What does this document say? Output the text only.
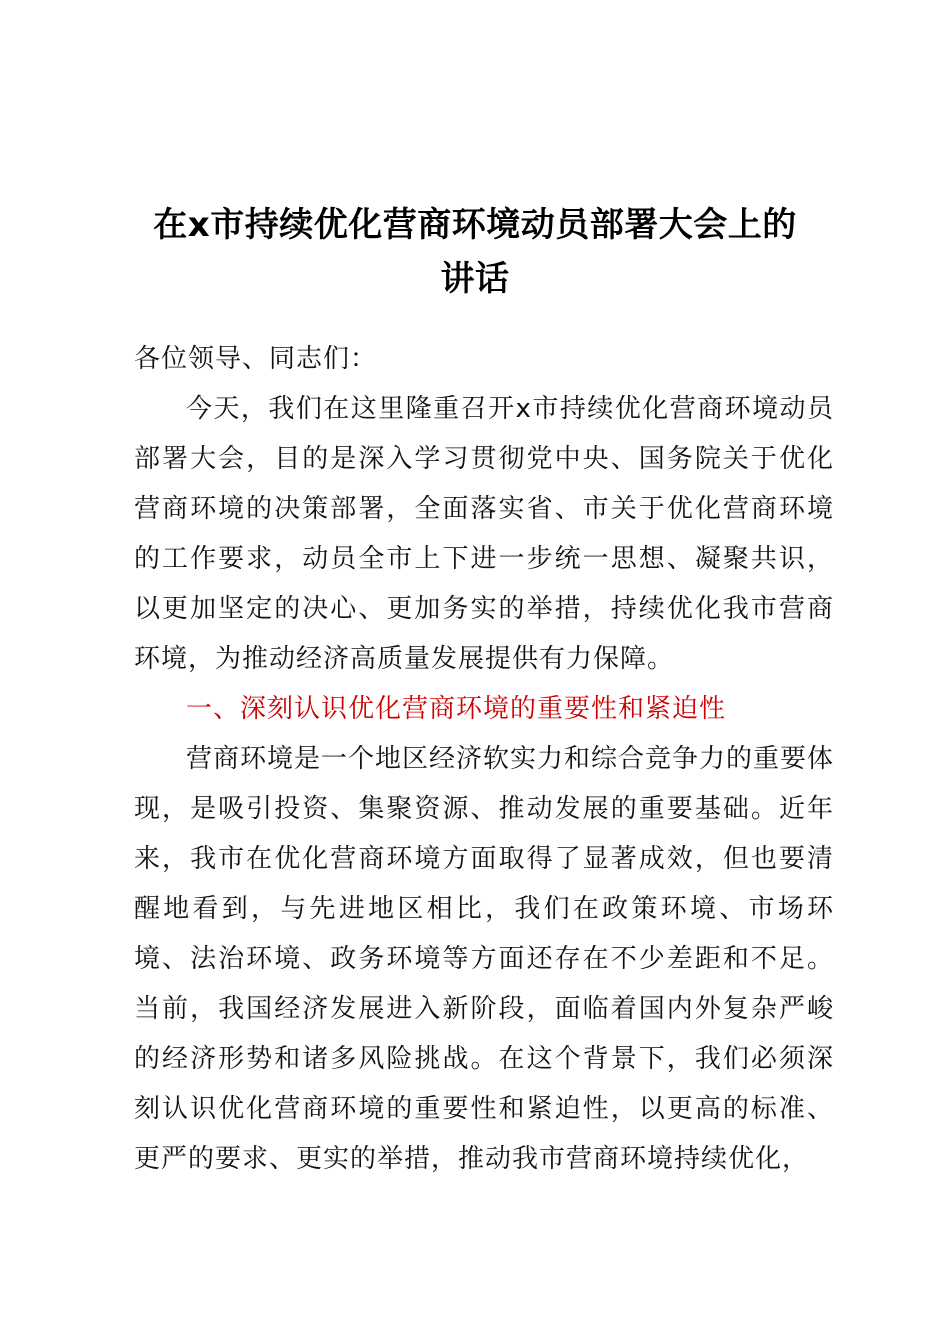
在x市持续优化营商环境动员部署大会上的
讲话

各位领导、同志们：

今天，我们在这里隆重召开x市持续优化营商环境动员部署大会，目的是深入学习贯彻党中央、国务院关于优化营商环境的决策部署，全面落实省、市关于优化营商环境的工作要求，动员全市上下进一步统一思想、凝聚共识，以更加坚定的决心、更加务实的举措，持续优化我市营商环境，为推动经济高质量发展提供有力保障。

一、深刻认识优化营商环境的重要性和紧迫性

营商环境是一个地区经济软实力和综合竞争力的重要体现，是吸引投资、集聚资源、推动发展的重要基础。近年来，我市在优化营商环境方面取得了显著成效，但也要清醒地看到，与先进地区相比，我们在政策环境、市场环境、法治环境、政务环境等方面还存在不少差距和不足。当前，我国经济发展进入新阶段，面临着国内外复杂严峻的经济形势和诸多风险挑战。在这个背景下，我们必须深刻认识优化营商环境的重要性和紧迫性，以更高的标准、更严的要求、更实的举措，推动我市营商环境持续优化，
